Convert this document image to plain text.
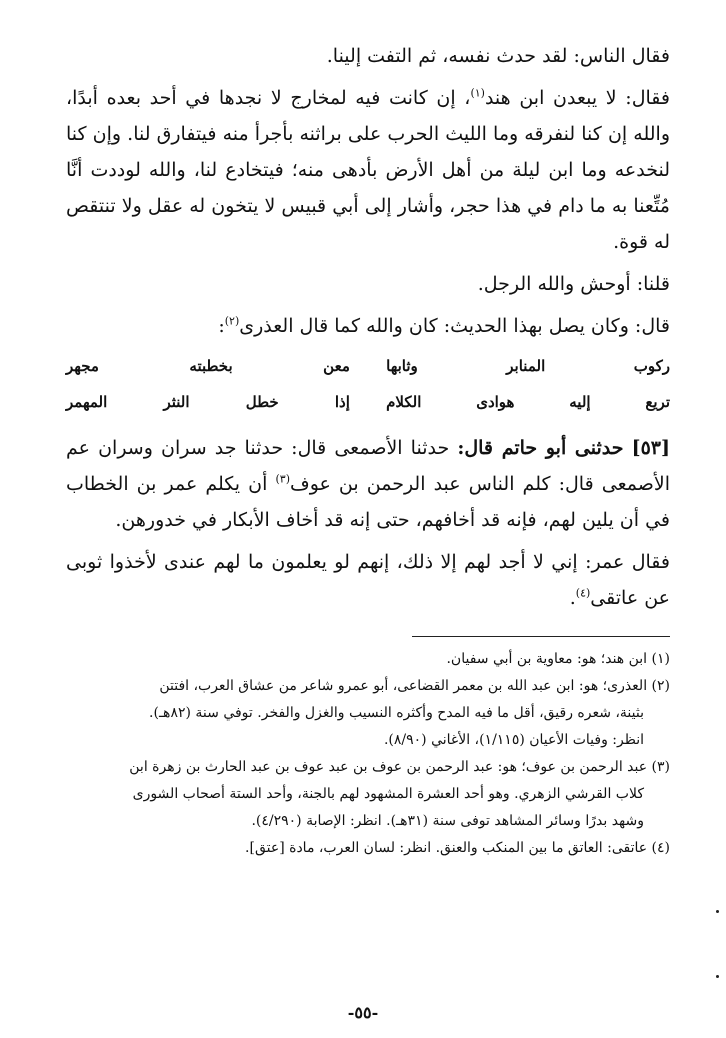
فقال الناس: لقد حدث نفسه، ثم التفت إلينا.

فقال: لا يبعدن ابن هند$^{(١)}$، إن كانت فيه لمخارج لا نجدها في أحد بعده أبدًا، والله إن كنا لنفرقه وما الليث الحرب على براثنه بأجرأ منه فيتفارق لنا. وإن كنا لنخدعه وما ابن ليلة من أهل الأرض بأدهى منه؛ فيتخادع لنا، والله لوددت أنَّا مُتِّعنا به ما دام في هذا حجر، وأشار إلى أبي قبيس لا يتخون له عقل ولا تنتقص له قوة.

قلنا: أوحش والله الرجل.

قال: وكان يصل بهذا الحديث: كان والله كما قال العذرى$^{(٢)}$:

ركوب المنابر وثابها
معن بخطبته مجهر
تريع إليه هوادى الكلام
إذا خطل النثر المهمر

[٥٣] حدثنى أبو حاتم قال: حدثنا الأصمعى قال: حدثنا جد سران وسران عم الأصمعى قال: كلم الناس عبد الرحمن بن عوف$^{(٣)}$ أن يكلم عمر بن الخطاب في أن يلين لهم، فإنه قد أخافهم، حتى إنه قد أخاف الأبكار في خدورهن.

فقال عمر: إني لا أجد لهم إلا ذلك، إنهم لو يعلمون ما لهم عندى لأخذوا ثوبى عن عاتقى$^{(٤)}$.

(١) ابن هند؛ هو: معاوية بن أبي سفيان.

(٢) العذرى؛ هو: ابن عبد الله بن معمر القضاعى، أبو عمرو شاعر من عشاق العرب، افتتن

بثينة، شعره رقيق، أقل ما فيه المدح وأكثره النسيب والغزل والفخر. توفي سنة (٨٢هـ).

انظر: وفيات الأعيان (١/١١٥)، الأغاني (٨/٩٠).

(٣) عبد الرحمن بن عوف؛ هو: عبد الرحمن بن عوف بن عبد عوف بن عبد الحارث بن زهرة ابن

كلاب القرشي الزهري. وهو أحد العشرة المشهود لهم بالجنة، وأحد الستة أصحاب الشورى

وشهد بدرًا وسائر المشاهد توفى سنة (٣١هـ). انظر: الإصابة (٤/٢٩٠).

(٤) عاتقى: العاتق ما بين المنكب والعنق. انظر: لسان العرب، مادة [عتق].

-٥٥-
